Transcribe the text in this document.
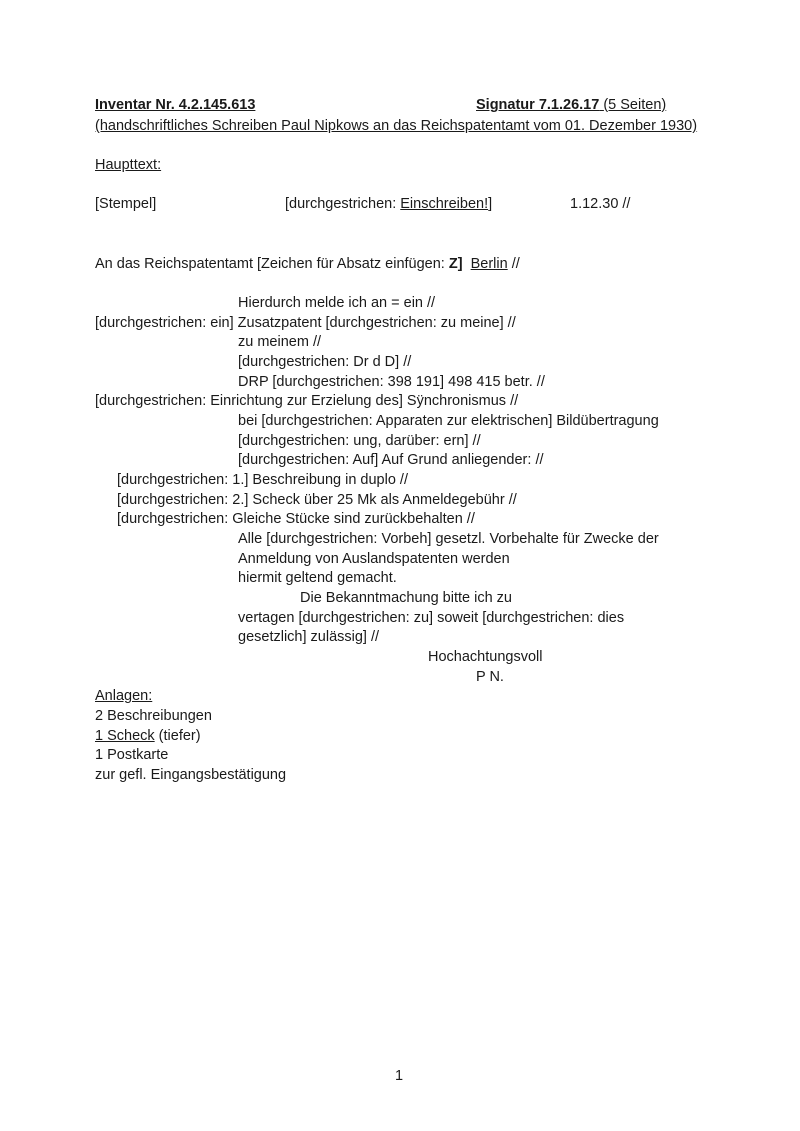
Inventar Nr. 4.2.145.613	Signatur 7.1.26.17 (5 Seiten)
(handschriftliches Schreiben Paul Nipkows an das Reichspatentamt vom 01. Dezember 1930)
Haupttext:
[Stempel]	[durchgestrichen: Einschreiben!]	1.12.30 //
An das Reichspatentamt [Zeichen für Absatz einfügen: Z] Berlin //
Hierdurch melde ich an = ein //
[durchgestrichen: ein] Zusatzpatent [durchgestrichen: zu meine] //
zu meinem //
[durchgestrichen: Dr d D] //
DRP [durchgestrichen: 398 191] 498 415 betr. //
[durchgestrichen: Einrichtung zur Erzielung des] Sÿnchronismus //
bei [durchgestrichen: Apparaten zur elektrischen] Bildübertragung
[durchgestrichen: ung, darüber: ern] //
[durchgestrichen: Auf] Auf Grund anliegender: //
[durchgestrichen: 1.] Beschreibung in duplo //
[durchgestrichen: 2.] Scheck über 25 Mk als Anmeldegebühr //
[durchgestrichen: Gleiche Stücke sind zurückbehalten //
Alle [durchgestrichen: Vorbeh] gesetzl. Vorbehalte für Zwecke der
Anmeldung von Auslandspatenten werden
hiermit geltend gemacht.
Die Bekanntmachung bitte ich zu
vertagen [durchgestrichen: zu] soweit [durchgestrichen: dies
gesetzlich] zulässig] //
Hochachtungsvoll
P N.
Anlagen:
2 Beschreibungen
1 Scheck (tiefer)
1 Postkarte
zur gefl. Eingangsbestätigung
1
